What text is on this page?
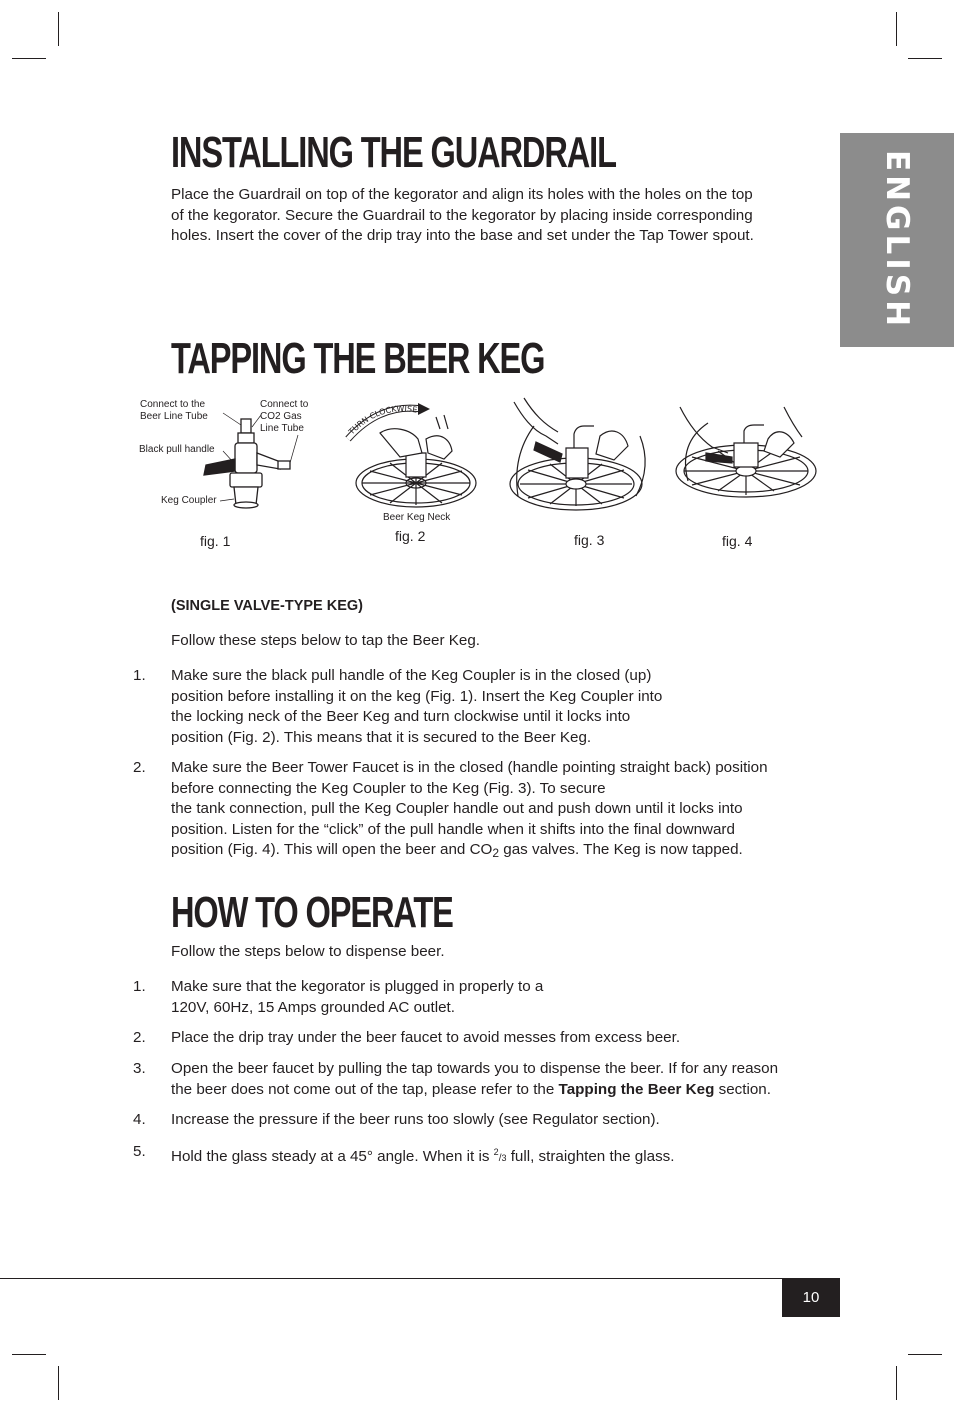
ENGLISH
INSTALLING THE GUARDRAIL

Place the Guardrail on top of the kegorator and align its holes with the holes on the top
of the kegorator. Secure the Guardrail to the kegorator by placing inside corresponding
holes. Insert the cover of the drip tray into the base and set under the Tap Tower spout.

TAPPING THE BEER KEG
Connect to the
Beer Line Tube
Connect to
CO2 Gas
Line Tube
Black pull handle
Keg Coupler
TURN CLOCKWISE
Beer Keg Neck
fig. 1	fig. 2	fig. 3	fig. 4

(SINGLE VALVE-TYPE KEG)

Follow these steps below to tap the Beer Keg.

1. Make sure the black pull handle of the Keg Coupler is in the closed (up)
position before installing it on the keg (Fig. 1). Insert the Keg Coupler into
the locking neck of the Beer Keg and turn clockwise until it locks into
position (Fig. 2). This means that it is secured to the Beer Keg.

2. Make sure the Beer Tower Faucet is in the closed (handle pointing straight back) position
before connecting the Keg Coupler to the Keg (Fig. 3). To secure
the tank connection, pull the Keg Coupler handle out and push down until it locks into
position. Listen for the “click” of the pull handle when it shifts into the final downward
position (Fig. 4). This will open the beer and CO2 gas valves. The Keg is now tapped.

HOW TO OPERATE

Follow the steps below to dispense beer.

1. Make sure that the kegorator is plugged in properly to a
120V, 60Hz, 15 Amps grounded AC outlet.

2. Place the drip tray under the beer faucet to avoid messes from excess beer.

3. Open the beer faucet by pulling the tap towards you to dispense the beer. If for any reason
the beer does not come out of the tap, please refer to the Tapping the Beer Keg section.

4. Increase the pressure if the beer runs too slowly (see Regulator section).

5. Hold the glass steady at a 45° angle. When it is $^2$/3 full, straighten the glass.

10
